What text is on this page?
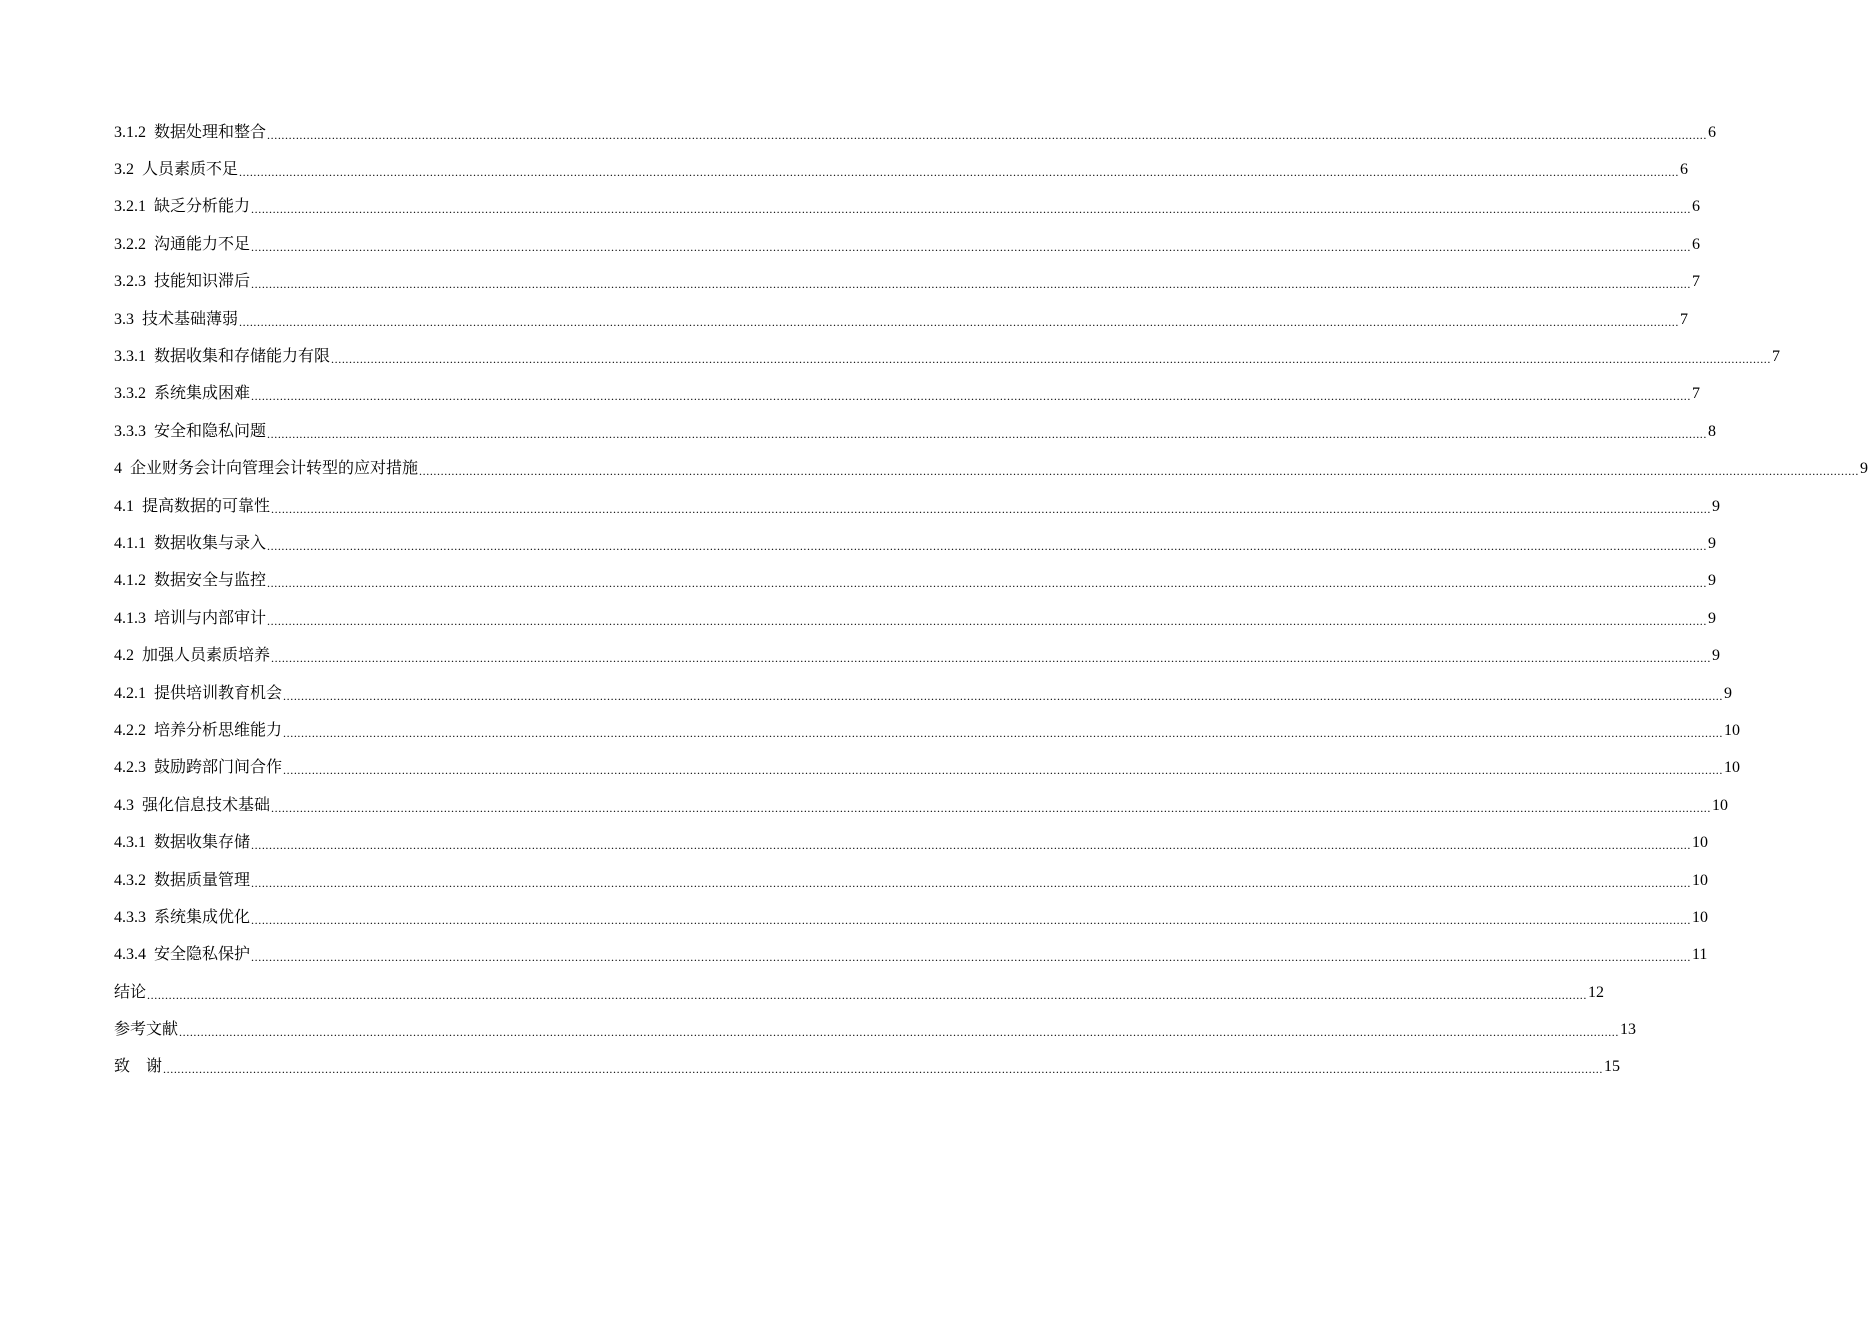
3.1.2  数据处理和整合 ................................................................................................................................................................................................................................................................................................................................................................................................................ 6
3.2  人员素质不足 ................................................................................................................................................................................................................................................................................................................................................................................................................ 6
3.2.1  缺乏分析能力 ................................................................................................................................................................................................................................................................................................................................................................................................................ 6
3.2.2  沟通能力不足 ................................................................................................................................................................................................................................................................................................................................................................................................................ 6
3.2.3  技能知识滞后 ................................................................................................................................................................................................................................................................................................................................................................................................................ 7
3.3  技术基础薄弱 ................................................................................................................................................................................................................................................................................................................................................................................................................ 7
3.3.1  数据收集和存储能力有限 ................................................................................................................................................................................................................................................................................................................................................................................................................ 7
3.3.2  系统集成困难 ................................................................................................................................................................................................................................................................................................................................................................................................................ 7
3.3.3  安全和隐私问题 ................................................................................................................................................................................................................................................................................................................................................................................................................ 8
4  企业财务会计向管理会计转型的应对措施 ................................................................................................................................................................................................................................................................................................................................................................................................................ 9
4.1  提高数据的可靠性 ................................................................................................................................................................................................................................................................................................................................................................................................................ 9
4.1.1  数据收集与录入 ................................................................................................................................................................................................................................................................................................................................................................................................................ 9
4.1.2  数据安全与监控 ................................................................................................................................................................................................................................................................................................................................................................................................................ 9
4.1.3  培训与内部审计 ................................................................................................................................................................................................................................................................................................................................................................................................................ 9
4.2  加强人员素质培养 ................................................................................................................................................................................................................................................................................................................................................................................................................ 9
4.2.1  提供培训教育机会 ................................................................................................................................................................................................................................................................................................................................................................................................................ 9
4.2.2  培养分析思维能力 ................................................................................................................................................................................................................................................................................................................................................................................................................ 10
4.2.3  鼓励跨部门间合作 ................................................................................................................................................................................................................................................................................................................................................................................................................ 10
4.3  强化信息技术基础 ................................................................................................................................................................................................................................................................................................................................................................................................................ 10
4.3.1  数据收集存储 ................................................................................................................................................................................................................................................................................................................................................................................................................ 10
4.3.2  数据质量管理 ................................................................................................................................................................................................................................................................................................................................................................................................................ 10
4.3.3  系统集成优化 ................................................................................................................................................................................................................................................................................................................................................................................................................ 10
4.3.4  安全隐私保护 ................................................................................................................................................................................................................................................................................................................................................................................................................ 11
结论 ................................................................................................................................................................................................................................................................................................................................................................................................................ 12
参考文献 ................................................................................................................................................................................................................................................................................................................................................................................................................ 13
致    谢 ................................................................................................................................................................................................................................................................................................................................................................................................................ 15
